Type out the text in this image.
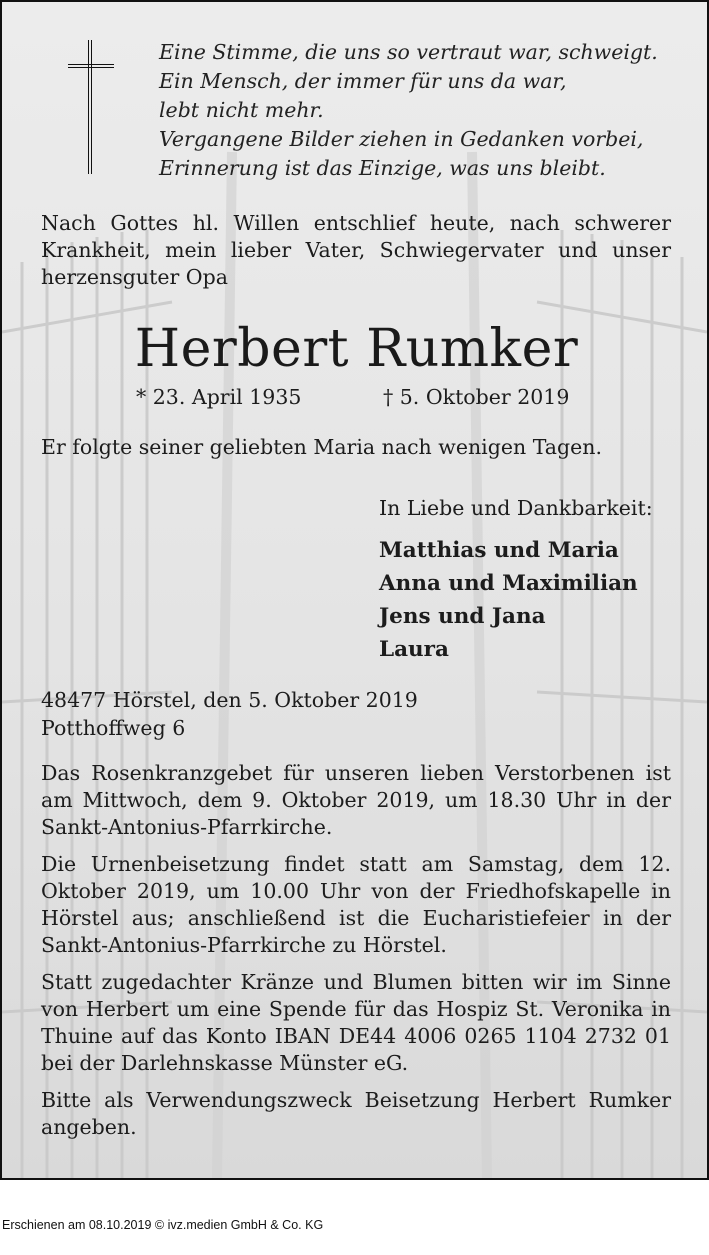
Eine Stimme, die uns so vertraut war, schweigt.
Ein Mensch, der immer für uns da war,
lebt nicht mehr.
Vergangene Bilder ziehen in Gedanken vorbei,
Erinnerung ist das Einzige, was uns bleibt.
Nach Gottes hl. Willen entschlief heute, nach schwerer Krankheit, mein lieber Vater, Schwiegervater und unser herzensguter Opa
Herbert Rumker
* 23. April 1935	† 5. Oktober 2019
Er folgte seiner geliebten Maria nach wenigen Tagen.
In Liebe und Dankbarkeit:
Matthias und Maria
Anna und Maximilian
Jens und Jana
Laura
48477 Hörstel, den 5. Oktober 2019
Potthoffweg 6
Das Rosenkranzgebet für unseren lieben Verstorbenen ist am Mittwoch, dem 9. Oktober 2019, um 18.30 Uhr in der Sankt-Antonius-Pfarrkirche.
Die Urnenbeisetzung findet statt am Samstag, dem 12. Oktober 2019, um 10.00 Uhr von der Friedhofskapelle in Hörstel aus; anschließend ist die Eucharistiefeier in der Sankt-Antonius-Pfarrkirche zu Hörstel.
Statt zugedachter Kränze und Blumen bitten wir im Sinne von Herbert um eine Spende für das Hospiz St. Veronika in Thuine auf das Konto IBAN DE44 4006 0265 1104 2732 01 bei der Darlehnskasse Münster eG.
Bitte als Verwendungszweck Beisetzung Herbert Rumker angeben.
Erschienen am 08.10.2019 © ivz.medien GmbH & Co. KG
